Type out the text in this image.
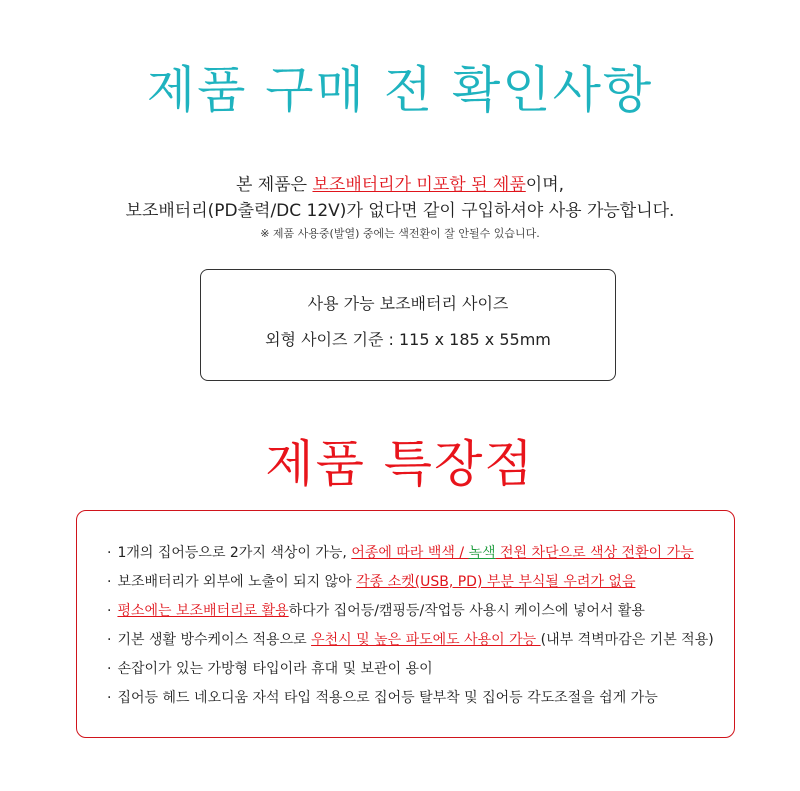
제품 구매 전 확인사항
본 제품은 보조배터리가 미포함 된 제품이며,
보조배터리(PD출력/DC 12V)가 없다면 같이 구입하셔야 사용 가능합니다.
※ 제품 사용중(발열) 중에는 색전환이 잘 안될수 있습니다.
사용 가능 보조배터리 사이즈
외형 사이즈 기준 : 115 x 185 x 55mm
제품 특장점
· 1개의 집어등으로 2가지 색상이 가능, 어종에 따라 백색 / 녹색 전원 차단으로 색상 전환이 가능
· 보조배터리가 외부에 노출이 되지 않아 각종 소켓(USB, PD) 부분 부식될 우려가 없음
· 평소에는 보조배터리로 활용하다가 집어등/캠핑등/작업등 사용시 케이스에 넣어서 활용
· 기본 생활 방수케이스 적용으로 우천시 및 높은 파도에도 사용이 가능 (내부 격벽마감은 기본 적용)
· 손잡이가 있는 가방형 타입이라 휴대 및 보관이 용이
· 집어등 헤드 네오디움 자석 타입 적용으로 집어등 탈부착 및 집어등 각도조절을 쉽게 가능
